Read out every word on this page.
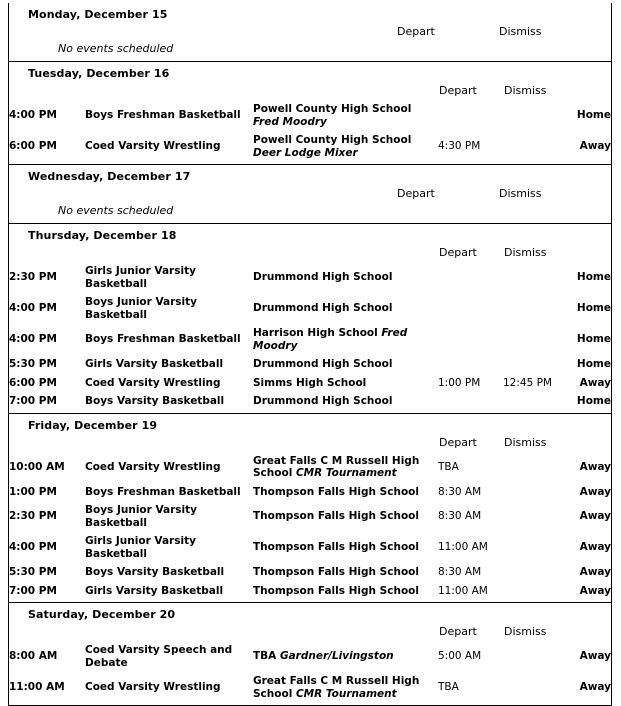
Monday, December 15
Depart	Dismiss
No events scheduled
Tuesday, December 16
Depart Dismiss
4:00 PM	Boys Freshman Basketball	Powell County High School Fred Moodry			Home
6:00 PM	Coed Varsity Wrestling	Powell County High School Deer Lodge Mixer	4:30 PM		Away
Wednesday, December 17
Depart	Dismiss
No events scheduled
Thursday, December 18
Depart Dismiss
2:30 PM	Girls Junior Varsity Basketball	Drummond High School			Home
4:00 PM	Boys Junior Varsity Basketball	Drummond High School			Home
4:00 PM	Boys Freshman Basketball	Harrison High School Fred Moodry			Home
5:30 PM	Girls Varsity Basketball	Drummond High School			Home
6:00 PM	Coed Varsity Wrestling	Simms High School	1:00 PM	12:45 PM	Away
7:00 PM	Boys Varsity Basketball	Drummond High School			Home
Friday, December 19
Depart Dismiss
10:00 AM	Coed Varsity Wrestling	Great Falls C M Russell High School CMR Tournament	TBA		Away
1:00 PM	Boys Freshman Basketball	Thompson Falls High School	8:30 AM		Away
2:30 PM	Boys Junior Varsity Basketball	Thompson Falls High School	8:30 AM		Away
4:00 PM	Girls Junior Varsity Basketball	Thompson Falls High School	11:00 AM		Away
5:30 PM	Boys Varsity Basketball	Thompson Falls High School	8:30 AM		Away
7:00 PM	Girls Varsity Basketball	Thompson Falls High School	11:00 AM		Away
Saturday, December 20
Depart Dismiss
8:00 AM	Coed Varsity Speech and Debate	TBA Gardner/Livingston	5:00 AM		Away
11:00 AM	Coed Varsity Wrestling	Great Falls C M Russell High School CMR Tournament	TBA		Away
